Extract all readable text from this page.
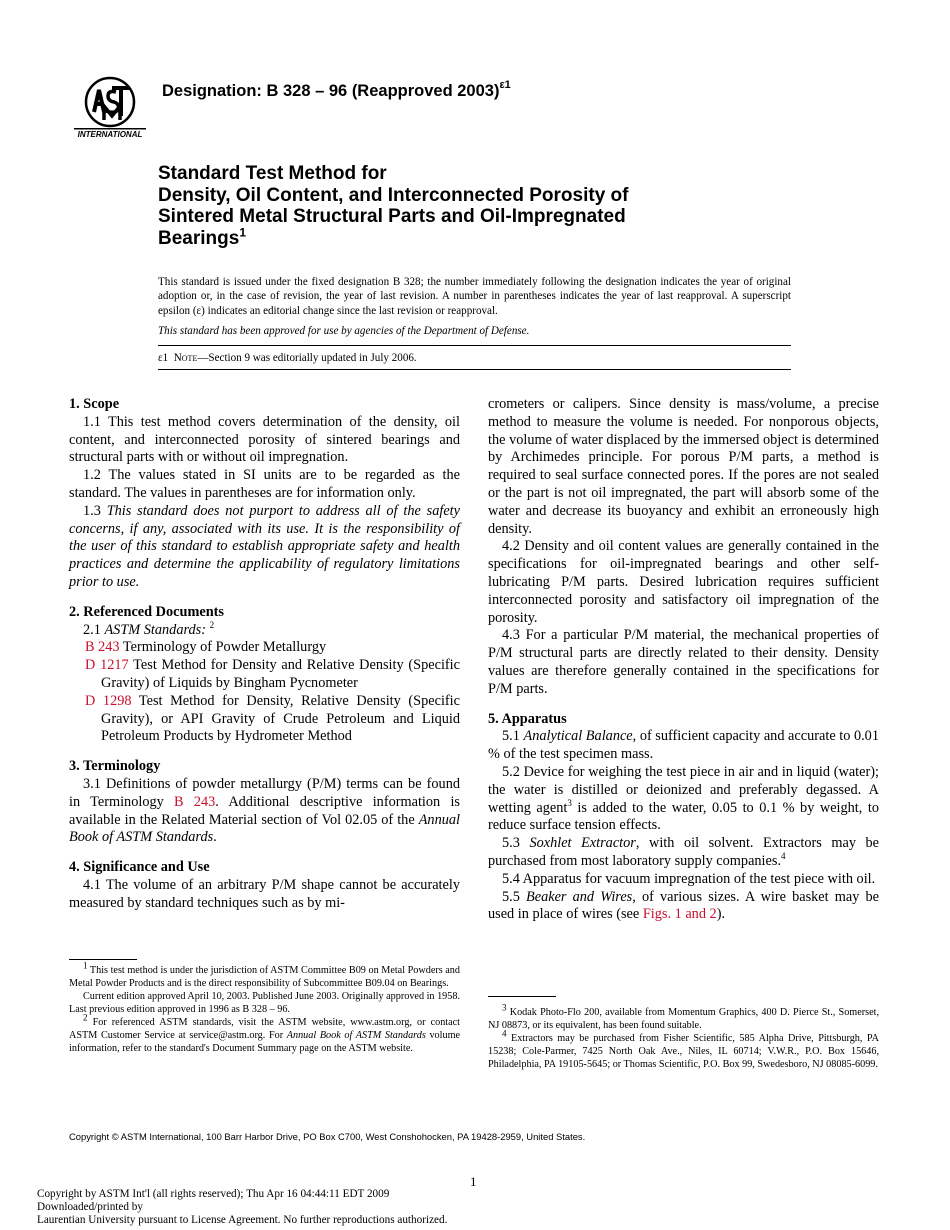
INTERNATIONAL
Designation: B 328 – 96 (Reapproved 2003)$^{\varepsilon 1}$
Standard Test Method for
Density, Oil Content, and Interconnected Porosity of
Sintered Metal Structural Parts and Oil-Impregnated
Bearings$^1$
This standard is issued under the fixed designation B 328; the number immediately following the designation indicates the year of original adoption or, in the case of revision, the year of last revision. A number in parentheses indicates the year of last reapproval. A superscript epsilon (ε) indicates an editorial change since the last revision or reapproval.
This standard has been approved for use by agencies of the Department of Defense.
ε1 Note—Section 9 was editorially updated in July 2006.

1. Scope

1.1 This test method covers determination of the density, oil content, and interconnected porosity of sintered bearings and structural parts with or without oil impregnation.

1.2 The values stated in SI units are to be regarded as the standard. The values in parentheses are for information only.

1.3 This standard does not purport to address all of the safety concerns, if any, associated with its use. It is the responsibility of the user of this standard to establish appropriate safety and health practices and determine the applicability of regulatory limitations prior to use.

2. Referenced Documents

2.1 ASTM Standards: $^2$

B 243 Terminology of Powder Metallurgy

D 1217 Test Method for Density and Relative Density (Specific Gravity) of Liquids by Bingham Pycnometer

D 1298 Test Method for Density, Relative Density (Specific Gravity), or API Gravity of Crude Petroleum and Liquid Petroleum Products by Hydrometer Method

3. Terminology

3.1 Definitions of powder metallurgy (P/M) terms can be found in Terminology B 243. Additional descriptive information is available in the Related Material section of Vol 02.05 of the Annual Book of ASTM Standards.

4. Significance and Use

4.1 The volume of an arbitrary P/M shape cannot be accurately measured by standard techniques such as by mi-

crometers or calipers. Since density is mass/volume, a precise method to measure the volume is needed. For nonporous objects, the volume of water displaced by the immersed object is determined by Archimedes principle. For porous P/M parts, a method is required to seal surface connected pores. If the pores are not sealed or the part is not oil impregnated, the part will absorb some of the water and decrease its buoyancy and exhibit an erroneously high density.

4.2 Density and oil content values are generally contained in the specifications for oil-impregnated bearings and other self-lubricating P/M parts. Desired lubrication requires sufficient interconnected porosity and satisfactory oil impregnation of the porosity.

4.3 For a particular P/M material, the mechanical properties of P/M structural parts are directly related to their density. Density values are therefore generally contained in the specifications for P/M parts.

5. Apparatus

5.1 Analytical Balance, of sufficient capacity and accurate to 0.01 % of the test specimen mass.

5.2 Device for weighing the test piece in air and in liquid (water); the water is distilled or deionized and preferably degassed. A wetting agent$^3$ is added to the water, 0.05 to 0.1 % by weight, to reduce surface tension effects.

5.3 Soxhlet Extractor, with oil solvent. Extractors may be purchased from most laboratory supply companies.$^4$

5.4 Apparatus for vacuum impregnation of the test piece with oil.

5.5 Beaker and Wires, of various sizes. A wire basket may be used in place of wires (see Figs. 1 and 2).

$^1$ This test method is under the jurisdiction of ASTM Committee B09 on Metal Powders and Metal Powder Products and is the direct responsibility of Subcommittee B09.04 on Bearings.

Current edition approved April 10, 2003. Published June 2003. Originally approved in 1958. Last previous edition approved in 1996 as B 328 – 96.

$^2$ For referenced ASTM standards, visit the ASTM website, www.astm.org, or contact ASTM Customer Service at service@astm.org. For Annual Book of ASTM Standards volume information, refer to the standard's Document Summary page on the ASTM website.

$^3$ Kodak Photo-Flo 200, available from Momentum Graphics, 400 D. Pierce St., Somerset, NJ 08873, or its equivalent, has been found suitable.

$^4$ Extractors may be purchased from Fisher Scientific, 585 Alpha Drive, Pittsburgh, PA 15238; Cole-Parmer, 7425 North Oak Ave., Niles, IL 60714; V.W.R., P.O. Box 15646, Philadelphia, PA 19105-5645; or Thomas Scientific, P.O. Box 99, Swedesboro, NJ 08085-6099.

Copyright © ASTM International, 100 Barr Harbor Drive, PO Box C700, West Conshohocken, PA 19428-2959, United States.
1
Copyright by ASTM Int'l (all rights reserved); Thu Apr 16 04:44:11 EDT 2009
Downloaded/printed by
Laurentian University pursuant to License Agreement. No further reproductions authorized.
